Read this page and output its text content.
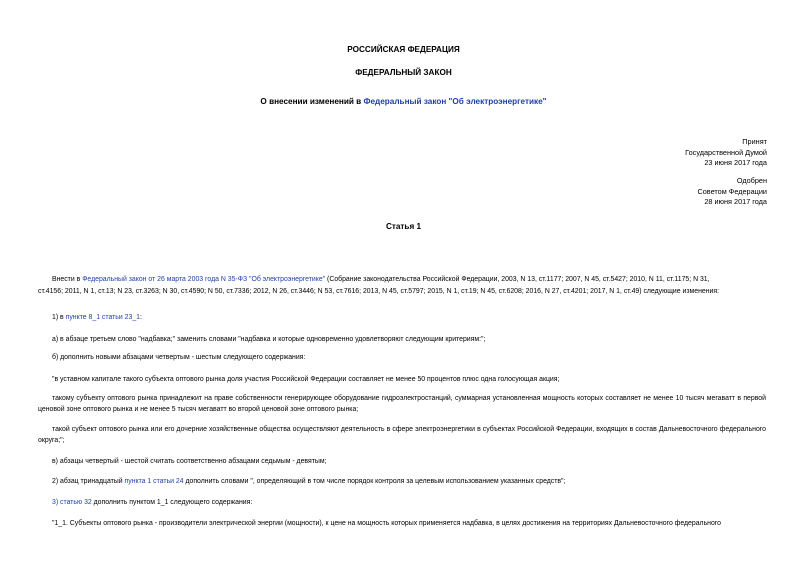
РОССИЙСКАЯ ФЕДЕРАЦИЯ
ФЕДЕРАЛЬНЫЙ ЗАКОН
О внесении изменений в Федеральный закон "Об электроэнергетике"
Принят
Государственной Думой
23 июня 2017 года
Одобрен
Советом Федерации
28 июня 2017 года
Статья 1
Внести в Федеральный закон от 26 марта 2003 года N 35-ФЗ "Об электроэнергетике" (Собрание законодательства Российской Федерации, 2003, N 13, ст.1177; 2007, N 45, ст.5427; 2010, N 11, ст.1175; N 31,
ст.4156; 2011, N 1, ст.13; N 23, ст.3263; N 30, ст.4590; N 50, ст.7336; 2012, N 26, ст.3446; N 53, ст.7616; 2013, N 45, ст.5797; 2015, N 1, ст.19; N 45, ст.6208; 2016, N 27, ст.4201; 2017, N 1, ст.49) следующие изменения:
1) в пункте 8_1 статьи 23_1:
а) в абзаце третьем слово "надбавка;" заменить словами "надбавка и которые одновременно удовлетворяют следующим критериям:";
б) дополнить новыми абзацами четвертым - шестым следующего содержания:
"в уставном капитале такого субъекта оптового рынка доля участия Российской Федерации составляет не менее 50 процентов плюс одна голосующая акция;
такому субъекту оптового рынка принадлежит на праве собственности генерирующее оборудование гидроэлектростанций, суммарная установленная мощность которых составляет не менее 10 тысяч мегаватт в первой ценовой зоне оптового рынка и не менее 5 тысяч мегаватт во второй ценовой зоне оптового рынка;
такой субъект оптового рынка или его дочерние хозяйственные общества осуществляют деятельность в сфере электроэнергетики в субъектах Российской Федерации, входящих в состав Дальневосточного федерального округа;";
в) абзацы четвертый - шестой считать соответственно абзацами седьмым - девятым;
2) абзац тринадцатый пункта 1 статьи 24 дополнить словами ", определяющий в том числе порядок контроля за целевым использованием указанных средств";
3) статью 32 дополнить пунктом 1_1 следующего содержания:
"1_1. Субъекты оптового рынка - производители электрической энергии (мощности), к цене на мощность которых применяется надбавка, в целях достижения на территориях Дальневосточного федерального
